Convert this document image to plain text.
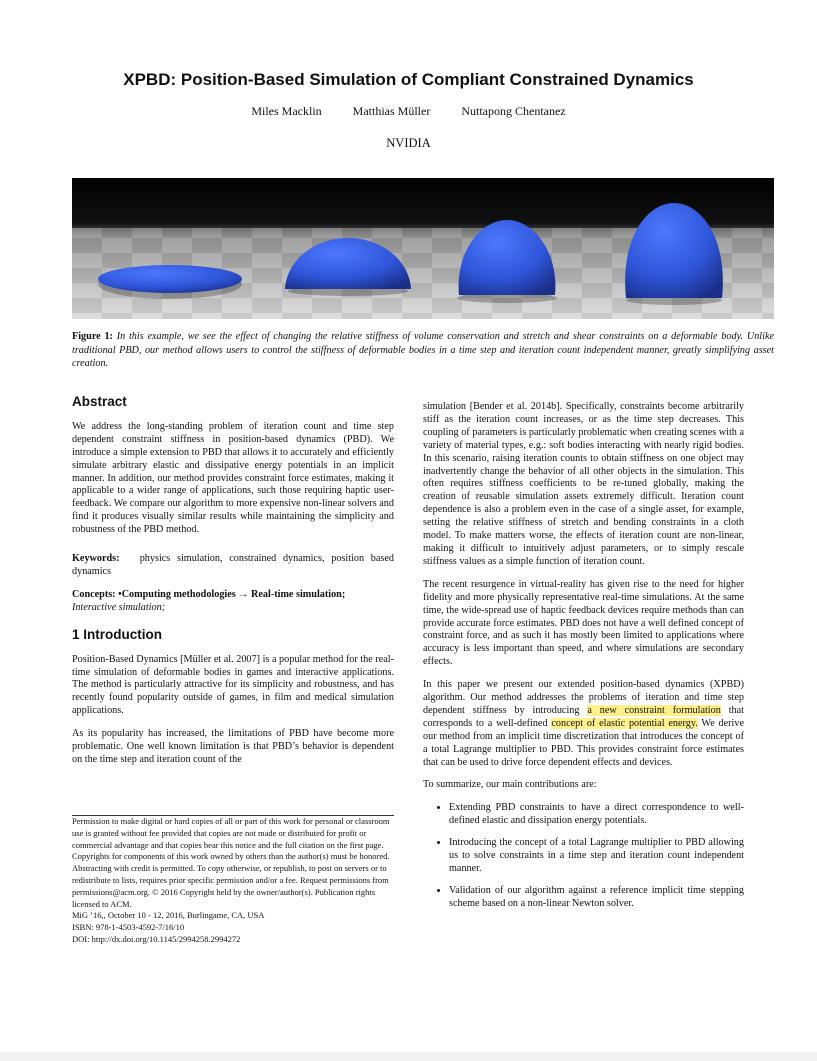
XPBD: Position-Based Simulation of Compliant Constrained Dynamics
Miles Macklin	Matthias Müller	Nuttapong Chentanez
NVIDIA
Figure 1: In this example, we see the effect of changing the relative stiffness of volume conservation and stretch and shear constraints on a deformable body. Unlike traditional PBD, our method allows users to control the stiffness of deformable bodies in a time step and iteration count independent manner, greatly simplifying asset creation.

Abstract

We address the long-standing problem of iteration count and time step dependent constraint stiffness in position-based dynamics (PBD). We introduce a simple extension to PBD that allows it to accurately and efficiently simulate arbitrary elastic and dissipative energy potentials in an implicit manner. In addition, our method provides constraint force estimates, making it applicable to a wider range of applications, such those requiring haptic user-feedback. We compare our algorithm to more expensive non-linear solvers and find it produces visually similar results while maintaining the simplicity and robustness of the PBD method.

Keywords: physics simulation, constrained dynamics, position based dynamics

Concepts: •Computing methodologies → Real-time simulation;
Interactive simulation;

1 Introduction

Position-Based Dynamics [Müller et al. 2007] is a popular method for the real-time simulation of deformable bodies in games and interactive applications. The method is particularly attractive for its simplicity and robustness, and has recently found popularity outside of games, in film and medical simulation applications.

As its popularity has increased, the limitations of PBD have become more problematic. One well known limitation is that PBD’s behavior is dependent on the time step and iteration count of the

Permission to make digital or hard copies of all or part of this work for personal or classroom use is granted without fee provided that copies are not made or distributed for profit or commercial advantage and that copies bear this notice and the full citation on the first page. Copyrights for components of this work owned by others than the author(s) must be honored. Abstracting with credit is permitted. To copy otherwise, or republish, to post on servers or to redistribute to lists, requires prior specific permission and/or a fee. Request permissions from permissions@acm.org. © 2016 Copyright held by the owner/author(s). Publication rights licensed to ACM.
MiG ’16,, October 10 - 12, 2016, Burlingame, CA, USA
ISBN: 978-1-4503-4592-7/16/10
DOI: http://dx.doi.org/10.1145/2994258.2994272

simulation [Bender et al. 2014b]. Specifically, constraints become arbitrarily stiff as the iteration count increases, or as the time step decreases. This coupling of parameters is particularly problematic when creating scenes with a variety of material types, e.g.: soft bodies interacting with nearly rigid bodies. In this scenario, raising iteration counts to obtain stiffness on one object may inadvertently change the behavior of all other objects in the simulation. This often requires stiffness coefficients to be re-tuned globally, making the creation of reusable simulation assets extremely difficult. Iteration count dependence is also a problem even in the case of a single asset, for example, setting the relative stiffness of stretch and bending constraints in a cloth model. To make matters worse, the effects of iteration count are non-linear, making it difficult to intuitively adjust parameters, or to simply rescale stiffness values as a simple function of iteration count.

The recent resurgence in virtual-reality has given rise to the need for higher fidelity and more physically representative real-time simulations. At the same time, the wide-spread use of haptic feedback devices require methods than can provide accurate force estimates. PBD does not have a well defined concept of constraint force, and as such it has mostly been limited to applications where accuracy is less important than speed, and where simulations are secondary effects.

In this paper we present our extended position-based dynamics (XPBD) algorithm. Our method addresses the problems of iteration and time step dependent stiffness by introducing a new constraint formulation that corresponds to a well-defined concept of elastic potential energy. We derive our method from an implicit time discretization that introduces the concept of a total Lagrange multiplier to PBD. This provides constraint force estimates that can be used to drive force dependent effects and devices.

To summarize, our main contributions are:

• Extending PBD constraints to have a direct correspondence to well-defined elastic and dissipation energy potentials.
• Introducing the concept of a total Lagrange multiplier to PBD allowing us to solve constraints in a time step and iteration count independent manner.
• Validation of our algorithm against a reference implicit time stepping scheme based on a non-linear Newton solver.
